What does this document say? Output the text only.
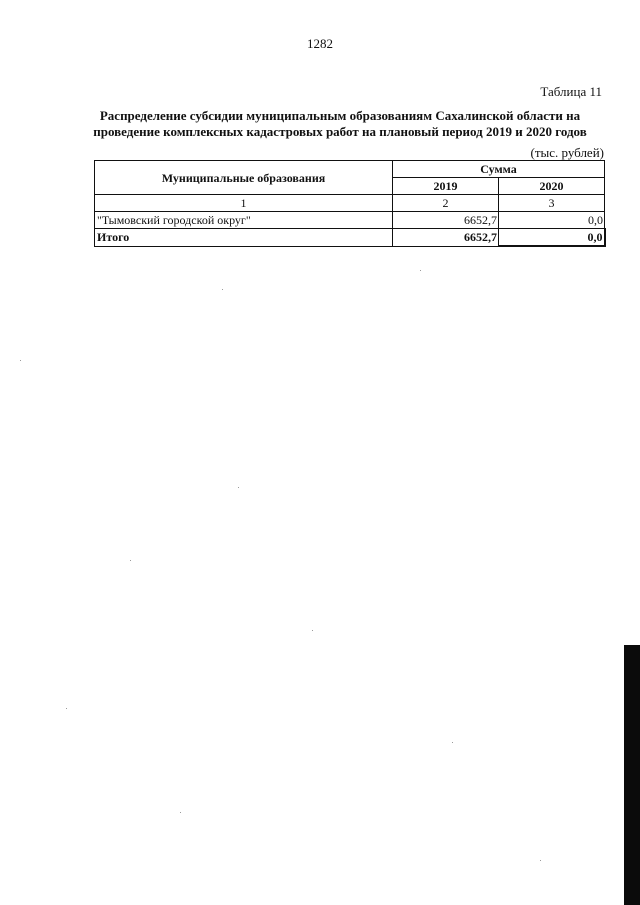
1282
Таблица 11
Распределение субсидии муниципальным образованиям Сахалинской области на
проведение комплексных кадастровых работ на плановый период 2019 и 2020 годов
(тыс. рублей)
Муниципальные образования	Сумма	
	2019	2020
1	2	3
"Тымовский городской округ"	6652,7	0,0
Итого	6652,7	0,0
